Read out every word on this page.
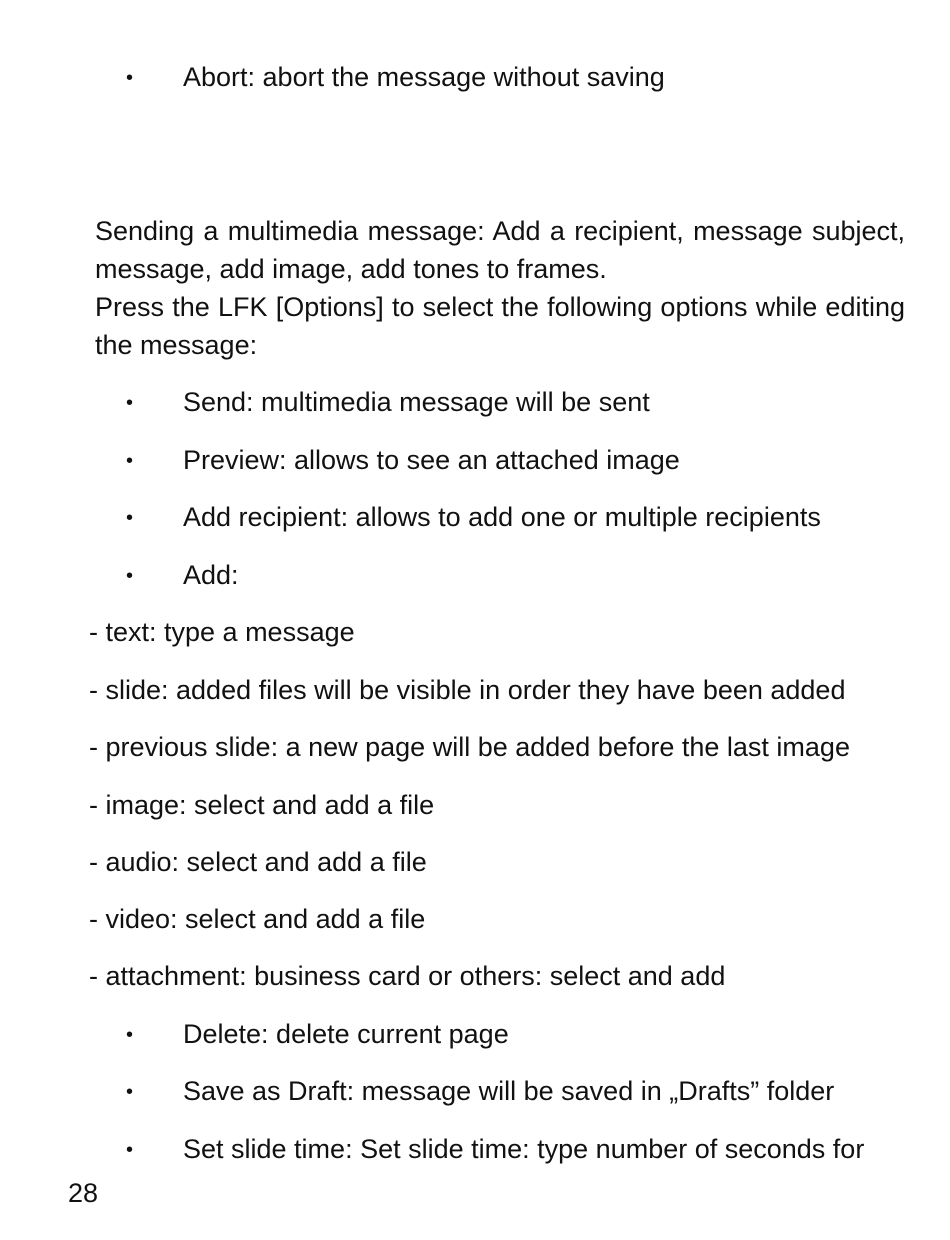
• Abort: abort the message without saving

Sending a multimedia message: Add a recipient, message subject, message, add image, add tones to frames.

Press the LFK [Options] to select the following options while editing the message:

• Send: multimedia message will be sent
• Preview: allows to see an attached image
• Add recipient: allows to add one or multiple recipients
• Add:
- text: type a message
- slide: added files will be visible in order they have been added
- previous slide: a new page will be added before the last image
- image: select and add a file
- audio: select and add a file
- video: select and add a file
- attachment: business card or others: select and add
• Delete: delete current page
• Save as Draft: message will be saved in „Drafts” folder
• Set slide time: Set slide time: type number of seconds for
28
